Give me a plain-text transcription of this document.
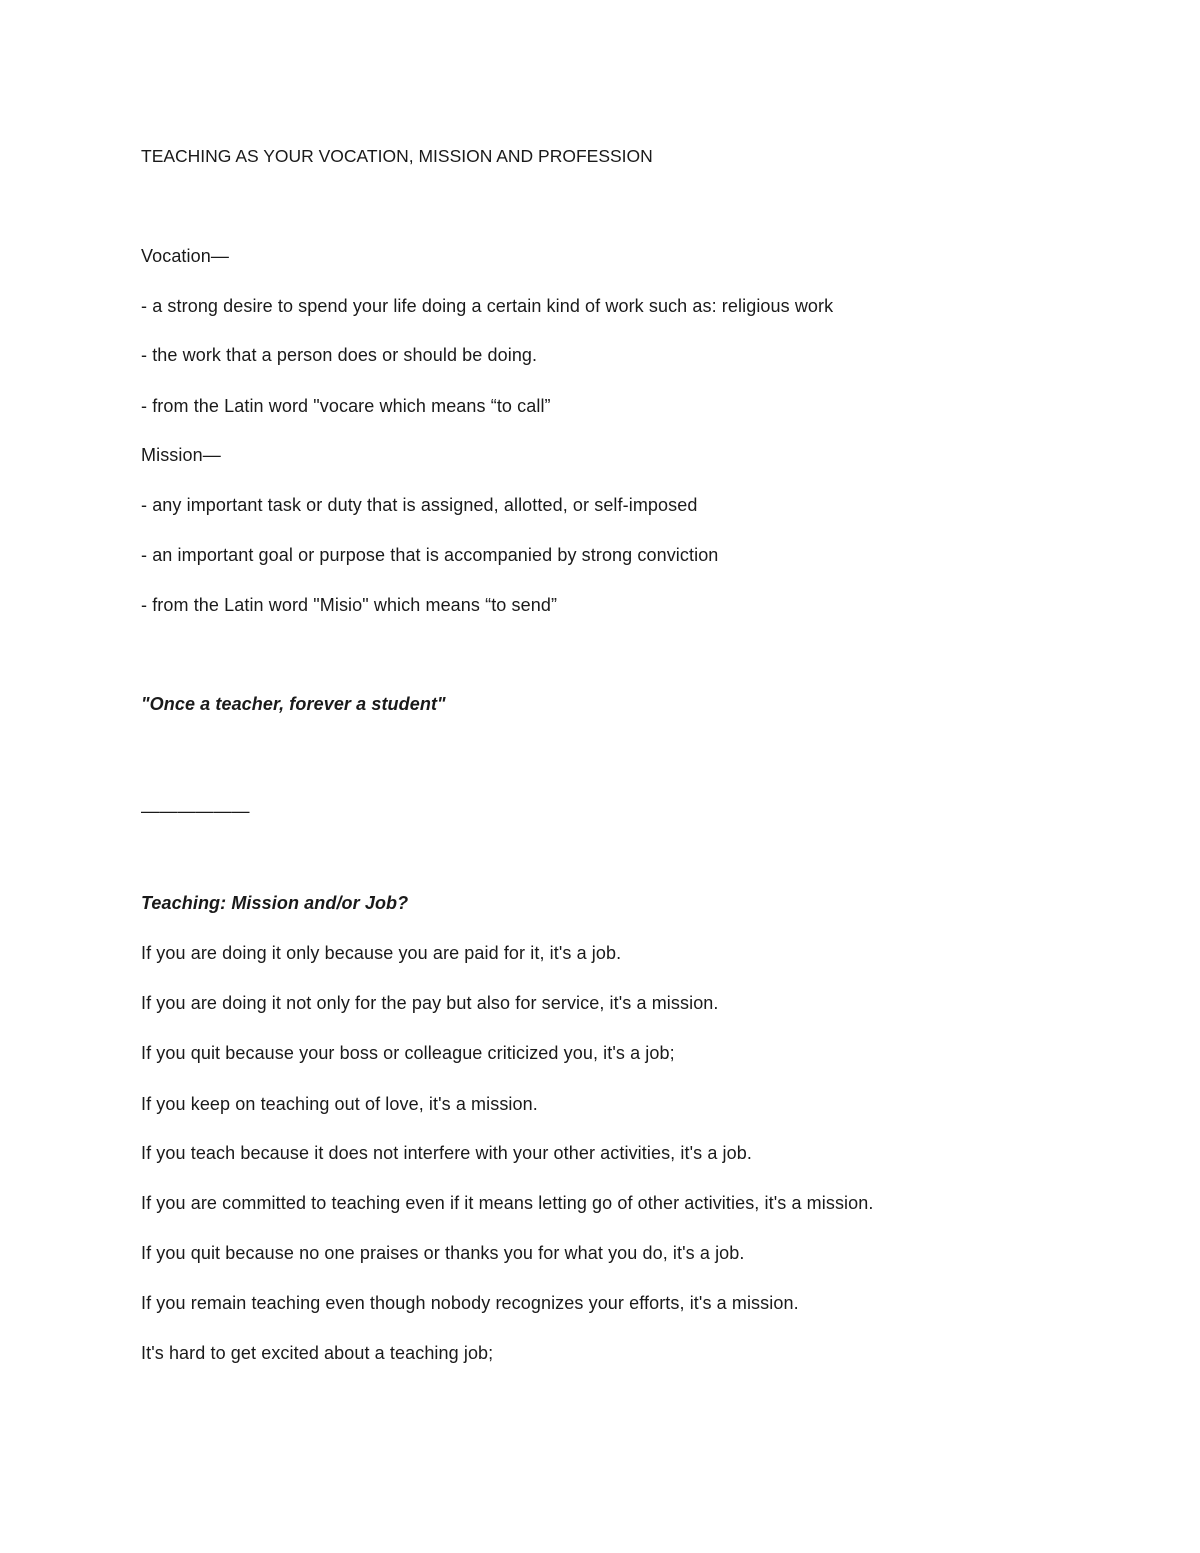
TEACHING AS YOUR VOCATION, MISSION AND PROFESSION
Vocation—
- a strong desire to spend your life doing a certain kind of work such as: religious work
- the work that a person does or should be doing.
- from the Latin word "vocare which means “to call”
Mission—
- any important task or duty that is assigned, allotted, or self-imposed
- an important goal or purpose that is accompanied by strong conviction
- from the Latin word "Misio" which means “to send”
"Once a teacher, forever a student"
——————
Teaching: Mission and/or Job?
If you are doing it only because you are paid for it, it's a job.
If you are doing it not only for the pay but also for service, it's a mission.
If you quit because your boss or colleague criticized you, it's a job;
If you keep on teaching out of love, it's a mission.
If you teach because it does not interfere with your other activities, it's a job.
If you are committed to teaching even if it means letting go of other activities, it's a mission.
If you quit because no one praises or thanks you for what you do, it's a job.
If you remain teaching even though nobody recognizes your efforts, it's a mission.
It's hard to get excited about a teaching job;
